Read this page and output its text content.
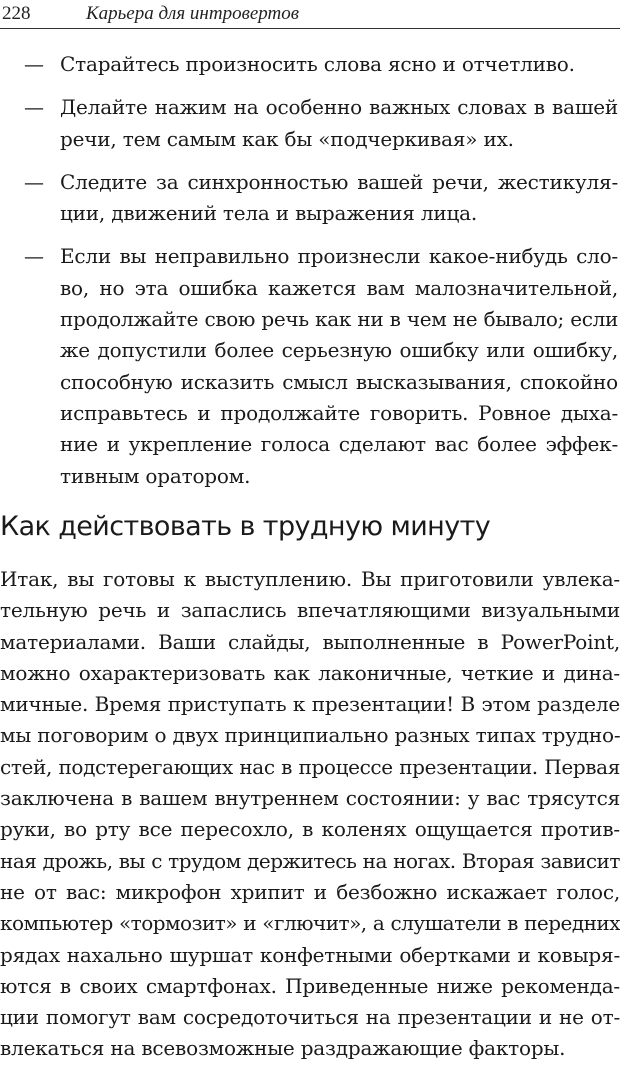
228	Карьера для интровертов
— Старайтесь произносить слова ясно и отчетливо.
— Делайте нажим на особенно важных словах в вашей
речи, тем самым как бы «подчеркивая» их.
— Следите за синхронностью вашей речи, жестикуля-
ции, движений тела и выражения лица.
— Если вы неправильно произнесли какое-нибудь сло-
во, но эта ошибка кажется вам малозначительной,
продолжайте свою речь как ни в чем не бывало; если
же допустили более серьезную ошибку или ошибку,
способную исказить смысл высказывания, спокойно
исправьтесь и продолжайте говорить. Ровное дыха-
ние и укрепление голоса сделают вас более эффек-
тивным оратором.
Как действовать в трудную минуту
Итак, вы готовы к выступлению. Вы приготовили увлека-
тельную речь и запаслись впечатляющими визуальными
материалами. Ваши слайды, выполненные в PowerPoint,
можно охарактеризовать как лаконичные, четкие и дина-
мичные. Время приступать к презентации! В этом разделе
мы поговорим о двух принципиально разных типах трудно-
стей, подстерегающих нас в процессе презентации. Первая
заключена в вашем внутреннем состоянии: у вас трясутся
руки, во рту все пересохло, в коленях ощущается против-
ная дрожь, вы с трудом держитесь на ногах. Вторая зависит
не от вас: микрофон хрипит и безбожно искажает голос,
компьютер «тормозит» и «глючит», а слушатели в передних
рядах нахально шуршат конфетными обертками и ковыря-
ются в своих смартфонах. Приведенные ниже рекоменда-
ции помогут вам сосредоточиться на презентации и не от-
влекаться на всевозможные раздражающие факторы.
